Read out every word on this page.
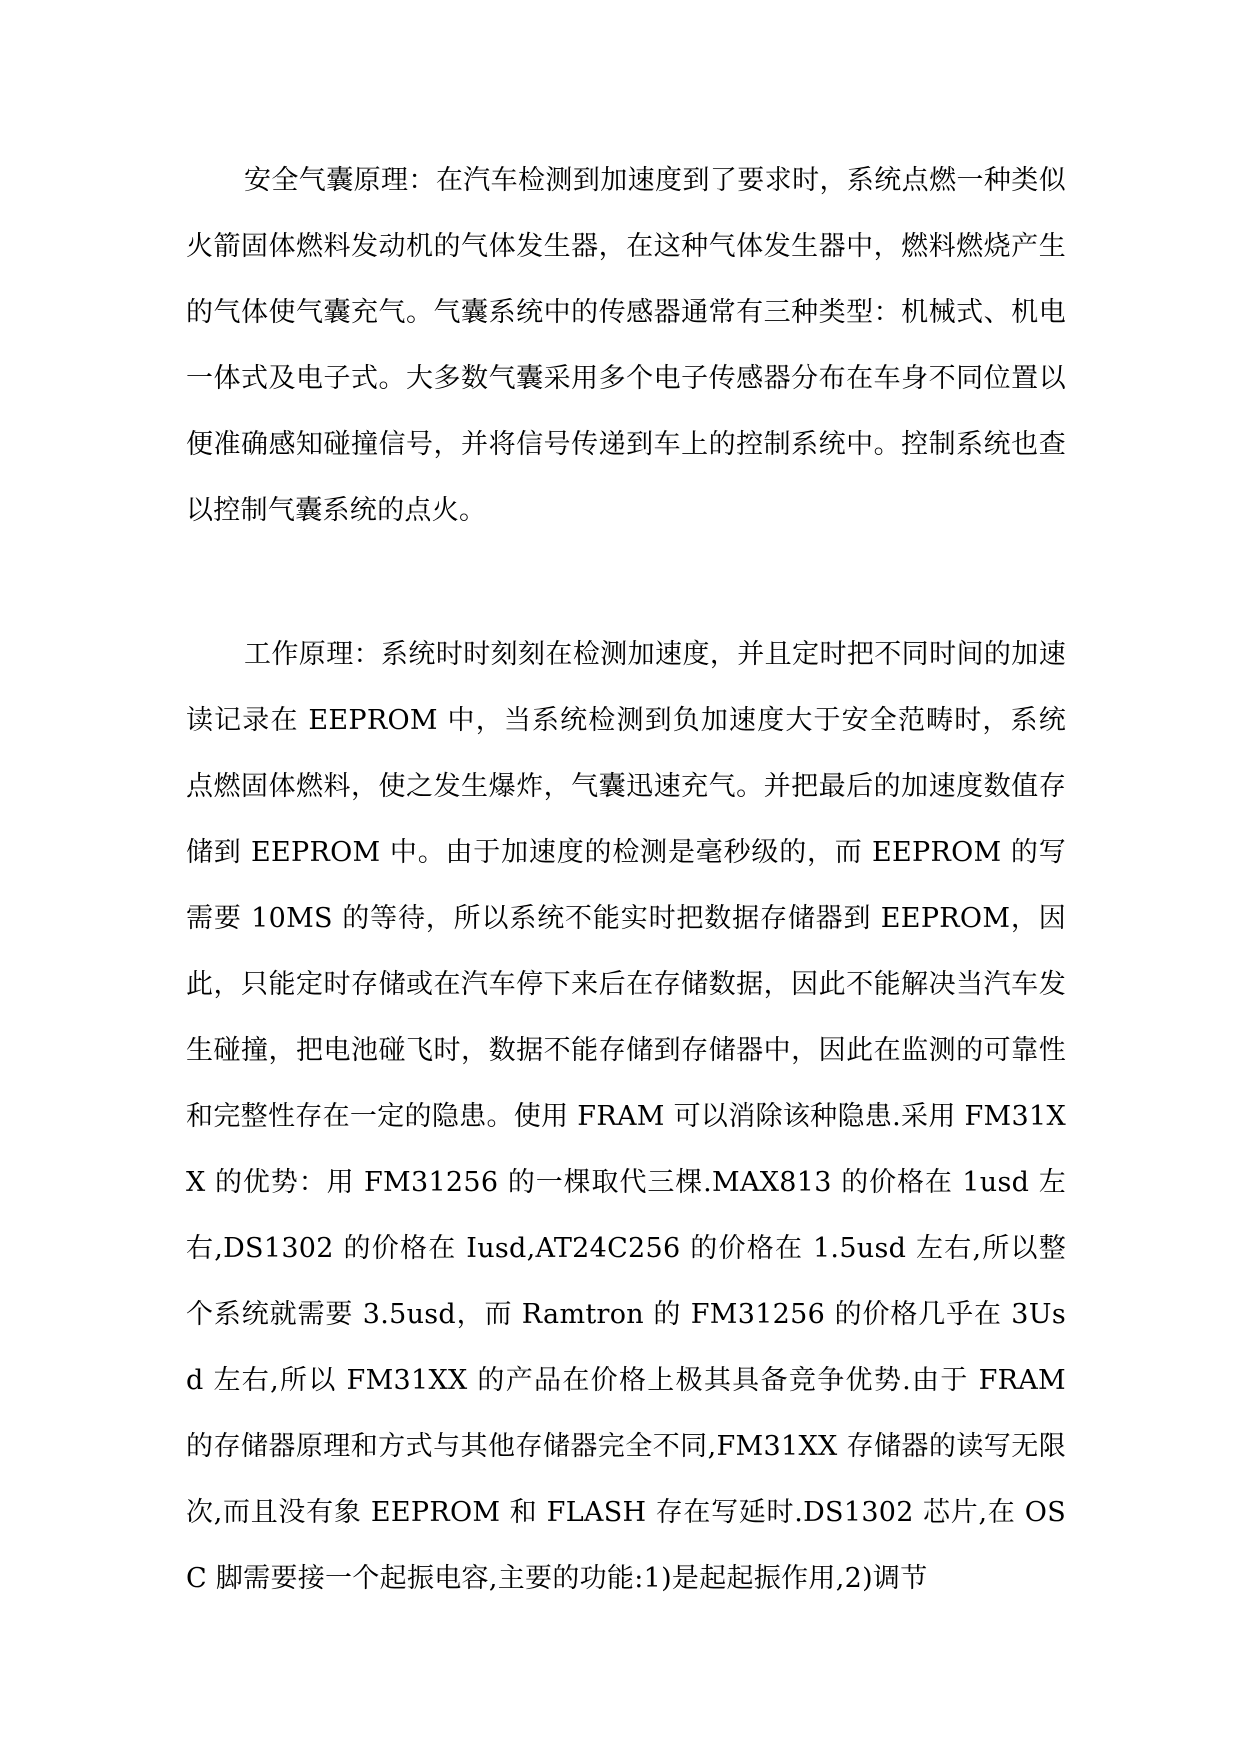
安全气囊原理：在汽车检测到加速度到了要求时，系统点燃一种类似火箭固体燃料发动机的气体发生器，在这种气体发生器中，燃料燃烧产生的气体使气囊充气。气囊系统中的传感器通常有三种类型：机械式、机电一体式及电子式。大多数气囊采用多个电子传感器分布在车身不同位置以便准确感知碰撞信号，并将信号传递到车上的控制系统中。控制系统也查以控制气囊系统的点火。

工作原理：系统时时刻刻在检测加速度，并且定时把不同时间的加速读记录在 EEPROM 中，当系统检测到负加速度大于安全范畴时，系统点燃固体燃料，使之发生爆炸，气囊迅速充气。并把最后的加速度数值存储到 EEPROM 中。由于加速度的检测是毫秒级的，而 EEPROM 的写需要 10MS 的等待，所以系统不能实时把数据存储器到 EEPROM，因此，只能定时存储或在汽车停下来后在存储数据，因此不能解决当汽车发生碰撞，把电池碰飞时，数据不能存储到存储器中，因此在监测的可靠性和完整性存在一定的隐患。使用 FRAM 可以消除该种隐患.采用 FM31XX 的优势：用 FM31256 的一棵取代三棵.MAX813 的价格在 1usd 左右,DS1302 的价格在 Iusd,AT24C256 的价格在 1.5usd 左右,所以整个系统就需要 3.5usd，而 Ramtron 的 FM31256 的价格几乎在 3Usd 左右,所以 FM31XX 的产品在价格上极其具备竞争优势.由于 FRAM 的存储器原理和方式与其他存储器完全不同,FM31XX 存储器的读写无限次,而且没有象 EEPROM 和 FLASH 存在写延时.DS1302 芯片,在 OSC 脚需要接一个起振电容,主要的功能:1)是起起振作用,2)调节
